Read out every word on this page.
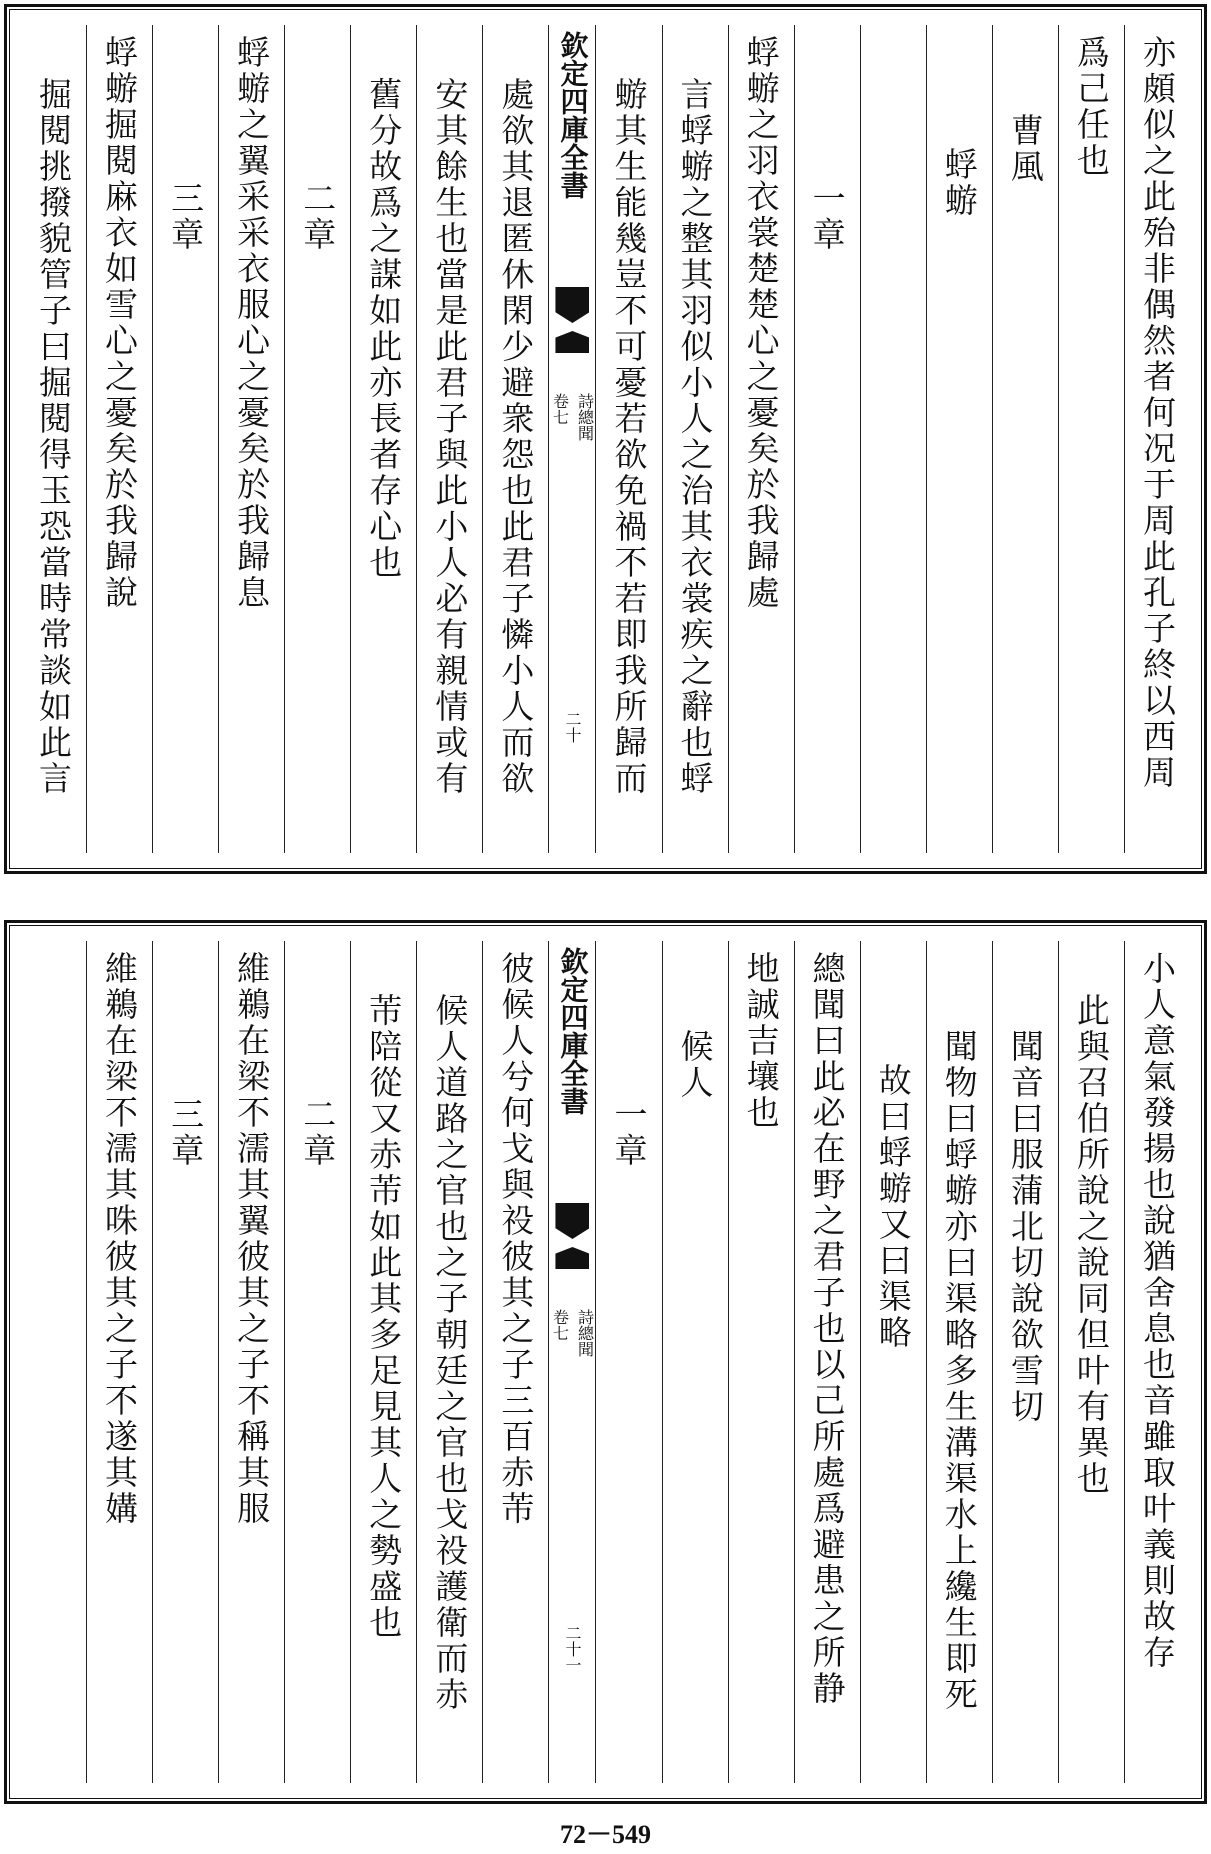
亦頗似之此殆非偶然者何况于周此孔子終以西周
爲己任也
曹風
蜉蝣
一章
蜉蝣之羽衣裳楚楚心之憂矣於我歸處
言蜉蝣之整其羽似小人之治其衣裳疾之辭也蜉
蝣其生能幾豈不可憂若欲免禍不若即我所歸而
欽定四庫全書
詩總聞
卷七
二十
處欲其退匿休閑少避衆怨也此君子憐小人而欲
安其餘生也當是此君子與此小人必有親情或有
舊分故爲之謀如此亦長者存心也
二章
蜉蝣之翼采采衣服心之憂矣於我歸息
三章
蜉蝣掘閱麻衣如雪心之憂矣於我歸說
掘閱挑撥貌管子曰掘閱得玉恐當時常談如此言
小人意氣發揚也說猶舍息也音雖取叶義則故存
此與召伯所說之說同但叶有異也
聞音曰服蒲北切說欲雪切
聞物曰蜉蝣亦曰渠略多生溝渠水上纔生即死
故曰蜉蝣又曰渠略
總聞曰此必在野之君子也以己所處爲避患之所静
地誠吉壤也
候人
一章
欽定四庫全書
詩總聞
卷七
二十一
彼候人兮何戈與祋彼其之子三百赤芾
候人道路之官也之子朝廷之官也戈祋護衛而赤
芾陪從又赤芾如此其多足見其人之勢盛也
二章
維鵜在梁不濡其翼彼其之子不稱其服
三章
維鵜在梁不濡其咮彼其之子不遂其媾
72－549
